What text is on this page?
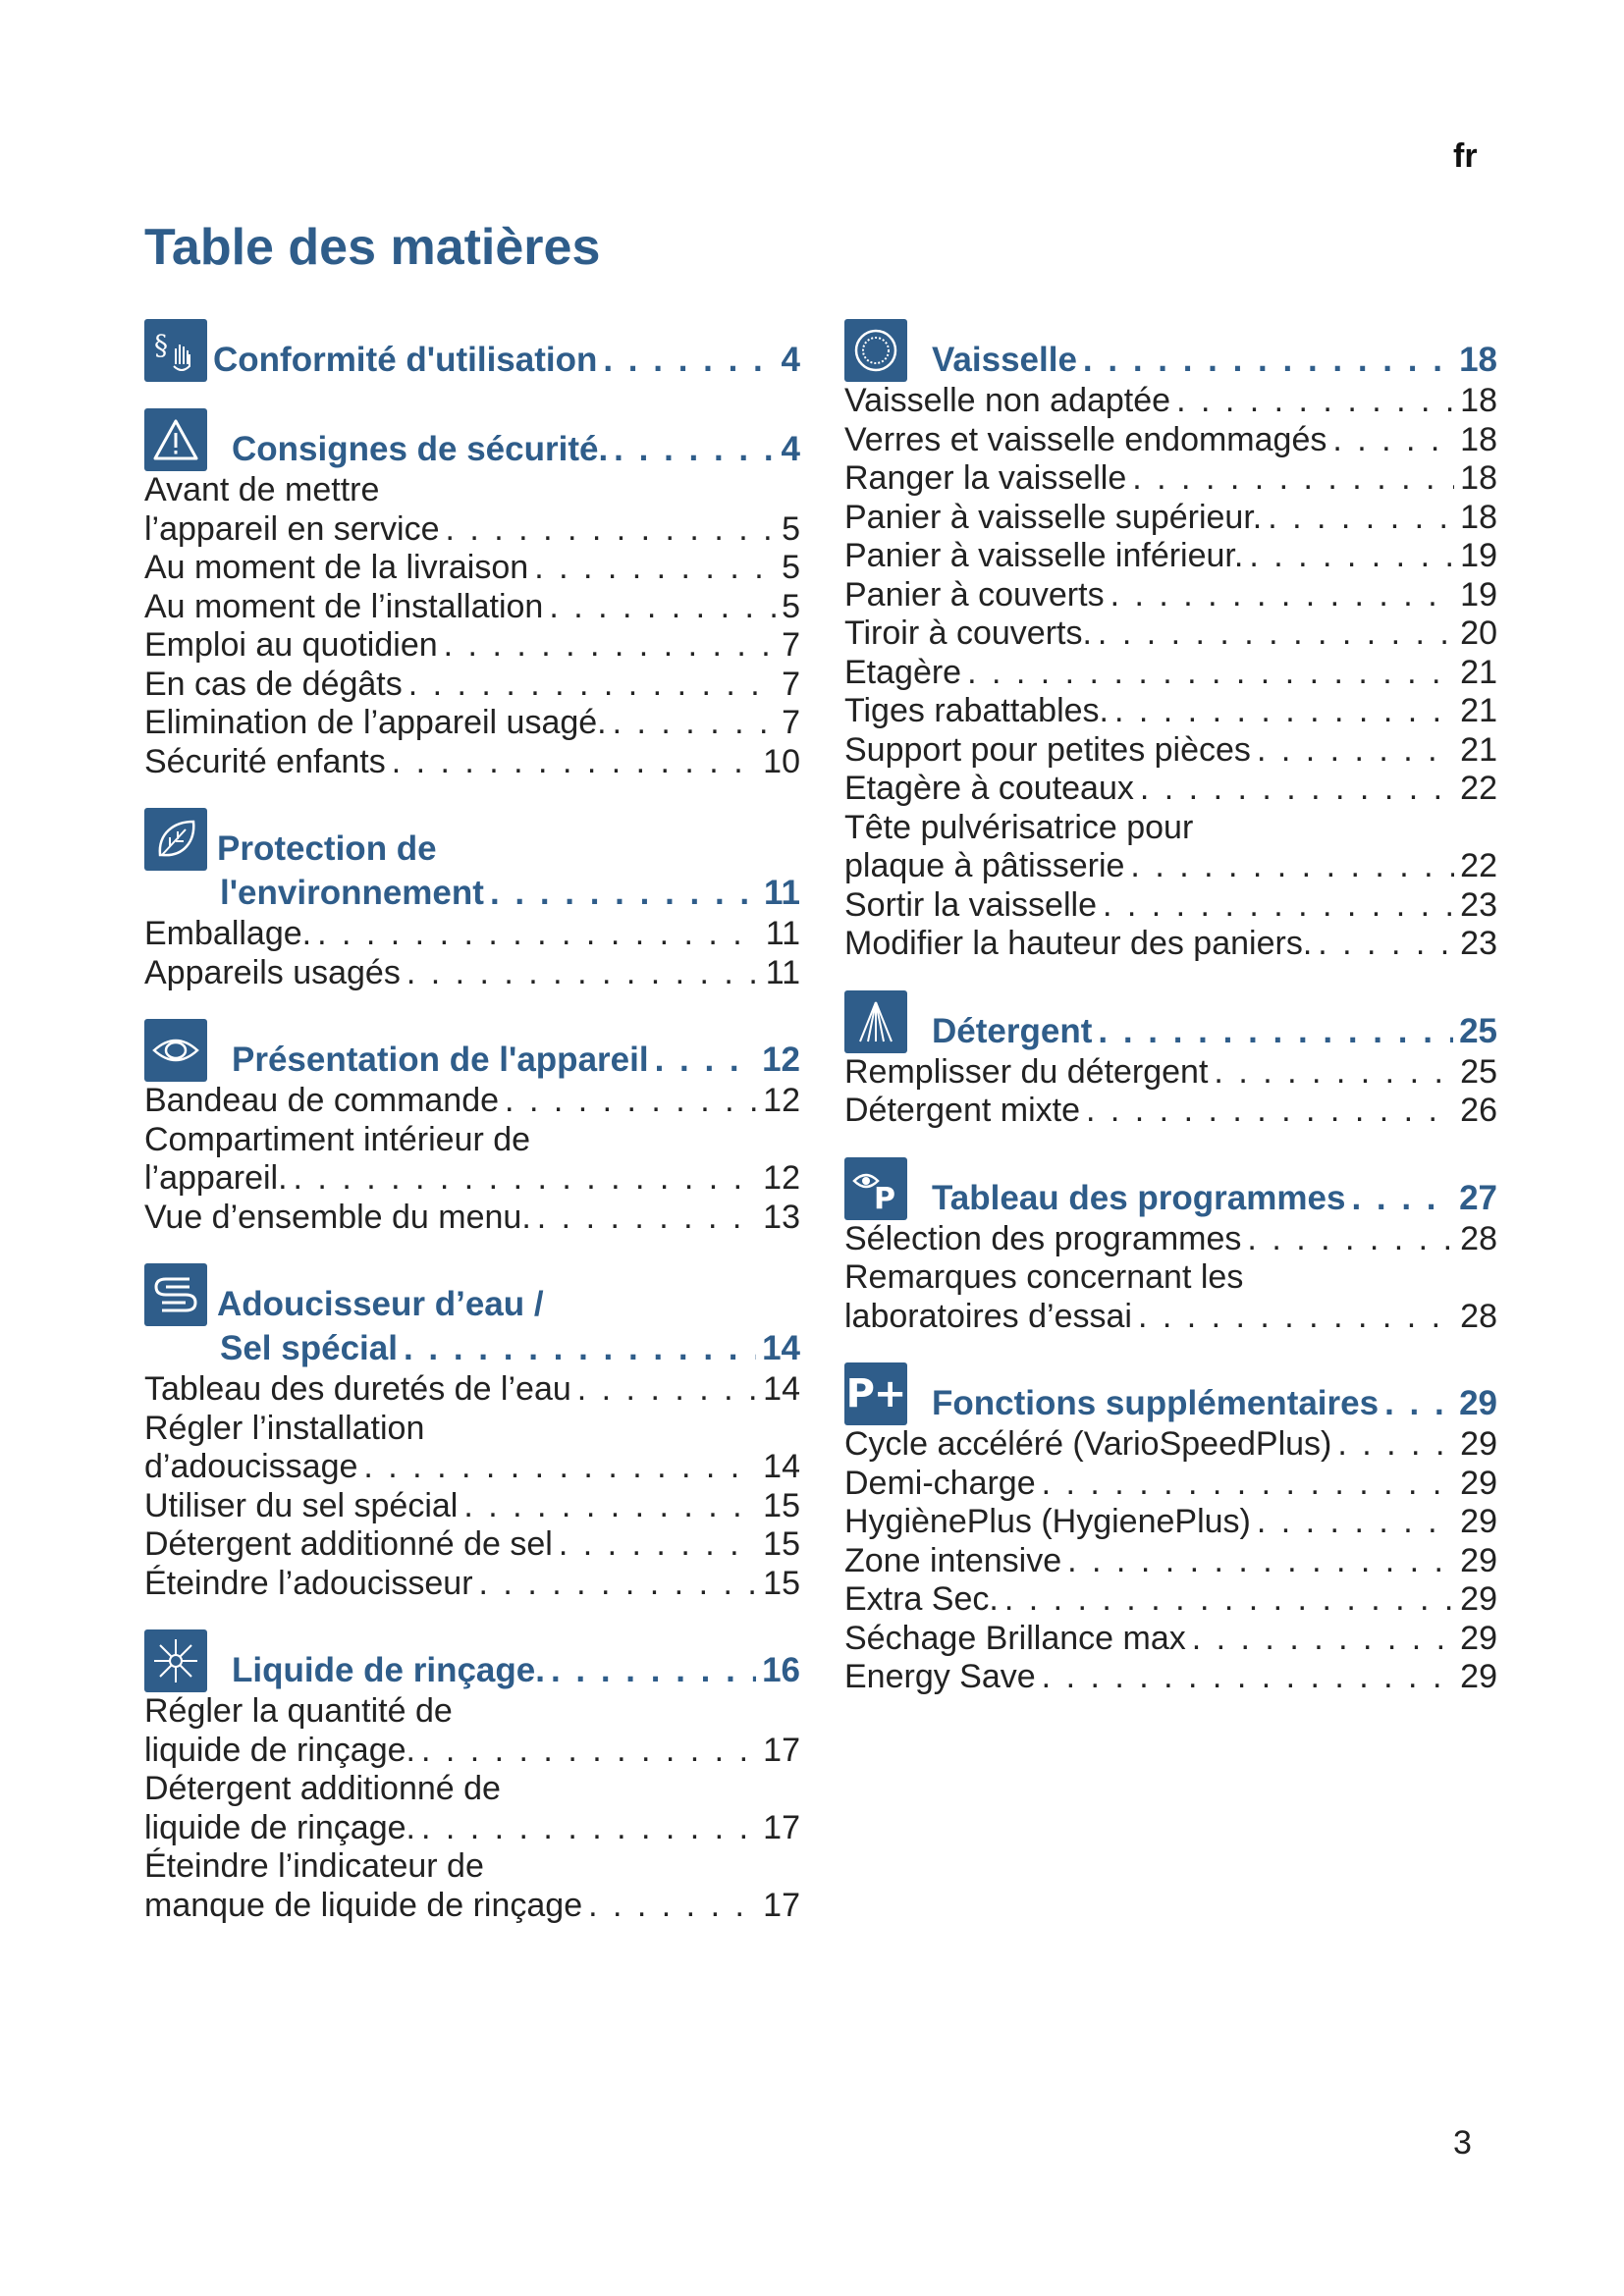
fr
Table des matières
§ Conformité d'utilisation . . .	4
Consignes de sécurité. . . .	4
Avant de mettre
l’appareil en service . . .	5
Au moment de la livraison . . .	5
Au moment de l’installation . . .	5
Emploi au quotidien . . .	7
En cas de dégâts . . .	7
Elimination de l’appareil usagé. . . .	7
Sécurité enfants . . .	10
Protection de
l'environnement . . .	11
Emballage. . . .	11
Appareils usagés . . .	11
Présentation de l'appareil . . .	12
Bandeau de commande . . .	12
Compartiment intérieur de
l’appareil. . . .	12
Vue d’ensemble du menu. . . .	13
Adoucisseur d’eau /
Sel spécial . . .	14
Tableau des duretés de l’eau . . .	14
Régler l’installation
d’adoucissage . . .	14
Utiliser du sel spécial . . .	15
Détergent additionné de sel . . .	15
Éteindre l’adoucisseur . . .	15
Liquide de rinçage. . . .	16
Régler la quantité de
liquide de rinçage. . . .	17
Détergent additionné de
liquide de rinçage. . . .	17
Éteindre l’indicateur de
manque de liquide de rinçage . . .	17
Vaisselle . . .	18
Vaisselle non adaptée . . .	18
Verres et vaisselle endommagés . . .	18
Ranger la vaisselle . . .	18
Panier à vaisselle supérieur. . . .	18
Panier à vaisselle inférieur. . . .	19
Panier à couverts . . .	19
Tiroir à couverts. . . .	20
Etagère . . .	21
Tiges rabattables. . . .	21
Support pour petites pièces . . .	21
Etagère à couteaux . . .	22
Tête pulvérisatrice pour
plaque à pâtisserie . . .	22
Sortir la vaisselle . . .	23
Modifier la hauteur des paniers. . . .	23
Détergent . . .	25
Remplisser du détergent . . .	25
Détergent mixte . . .	26
P Tableau des programmes . . .	27
Sélection des programmes . . .	28
Remarques concernant les
laboratoires d’essai . . .	28
P+ Fonctions supplémentaires . . . 29
Cycle accéléré (VarioSpeedPlus) . . .	29
Demi-charge . . .	29
HygiènePlus (HygienePlus) . . .	29
Zone intensive . . .	29
Extra Sec. . . .	29
Séchage Brillance max . . .	29
Energy Save . . .	29
3
